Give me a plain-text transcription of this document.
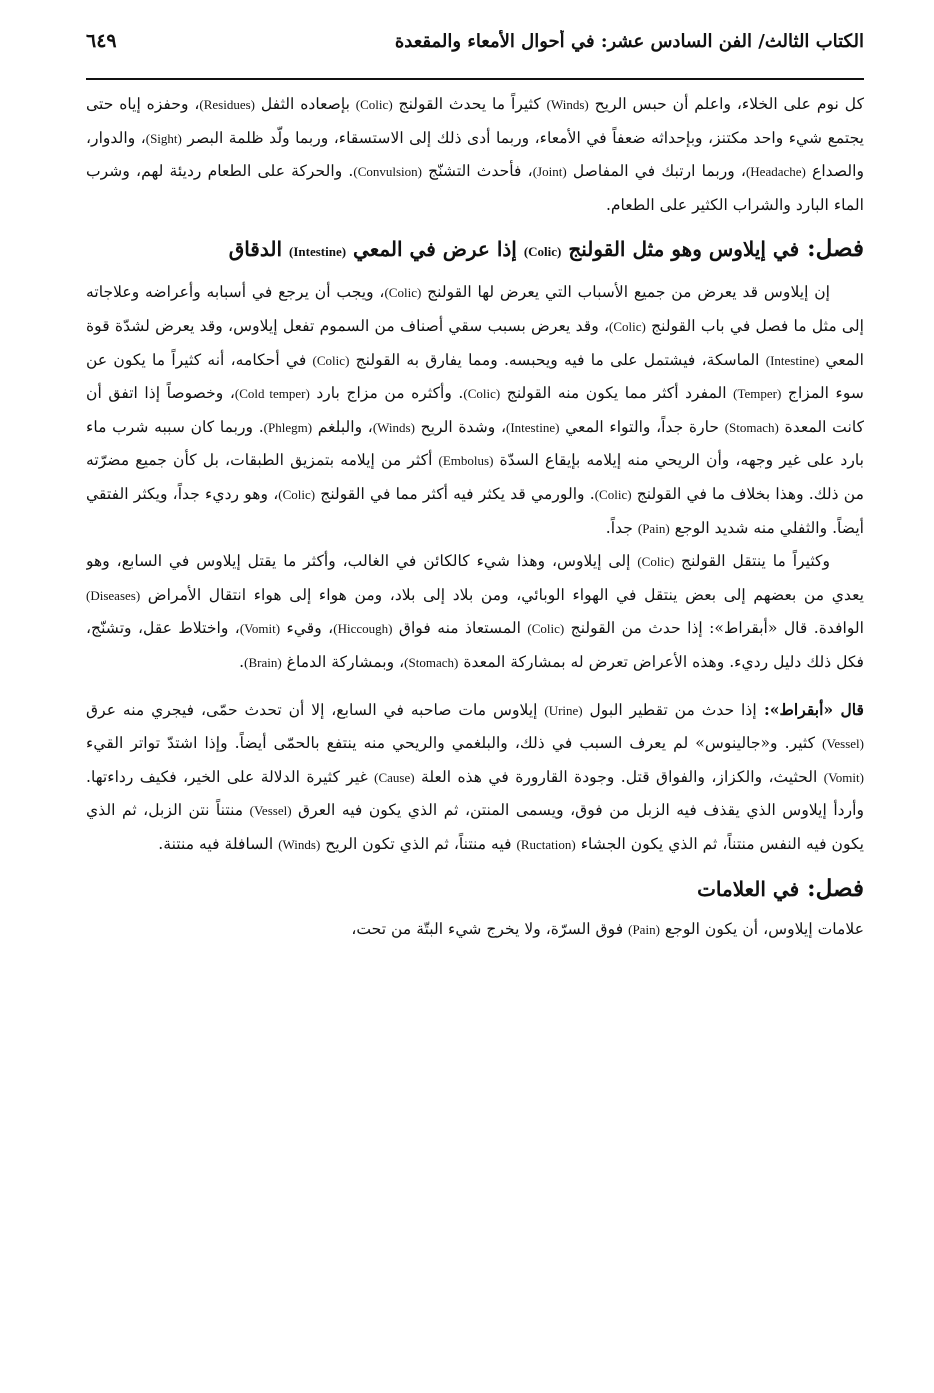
٦٤٩	الكتاب الثالث/ الفن السادس عشر: في أحوال الأمعاء والمقعدة

كل نوم على الخلاء، واعلم أن حبس الريح (Winds) كثيراً ما يحدث القولنج (Colic) بإصعاده الثفل (Residues)، وحفزه إياه حتى يجتمع شيء واحد مكتنز، وبإحداثه ضعفاً في الأمعاء، وربما أدى ذلك إلى الاستسقاء، وربما ولّد ظلمة البصر (Sight)، والدوار، والصداع (Headache)، وربما ارتبك في المفاصل (Joint)، فأحدث التشنّج (Convulsion). والحركة على الطعام رديئة لهم، وشرب الماء البارد والشراب الكثير على الطعام.

فصل: في إيلاوس وهو مثل القولنج (Colic) إذا عرض في المعي (Intestine) الدقاق

إن إيلاوس قد يعرض من جميع الأسباب التي يعرض لها القولنج (Colic)، ويجب أن يرجع في أسبابه وأعراضه وعلاجاته إلى مثل ما فصل في باب القولنج (Colic)، وقد يعرض بسبب سقي أصناف من السموم تفعل إيلاوس، وقد يعرض لشدّة قوة المعي (Intestine) الماسكة، فيشتمل على ما فيه ويحبسه. ومما يفارق به القولنج (Colic) في أحكامه، أنه كثيراً ما يكون عن سوء المزاج (Temper) المفرد أكثر مما يكون منه القولنج (Colic). وأكثره من مزاج بارد (Cold temper)، وخصوصاً إذا اتفق أن كانت المعدة (Stomach) حارة جداً، والتواء المعي (Intestine)، وشدة الريح (Winds)، والبلغم (Phlegm). وربما كان سببه شرب ماء بارد على غير وجهه، وأن الريحي منه إيلامه بإيقاع السدّة (Embolus) أكثر من إيلامه بتمزيق الطبقات، بل كأن جميع مضرّته من ذلك. وهذا بخلاف ما في القولنج (Colic). والورمي قد يكثر فيه أكثر مما في القولنج (Colic)، وهو رديء جداً، ويكثر الفتقي أيضاً. والثفلي منه شديد الوجع (Pain) جداً.

وكثيراً ما ينتقل القولنج (Colic) إلى إيلاوس، وهذا شيء كالكائن في الغالب، وأكثر ما يقتل إيلاوس في السابع، وهو يعدي من بعضهم إلى بعض ينتقل في الهواء الوبائي، ومن بلاد إلى بلاد، ومن هواء إلى هواء انتقال الأمراض (Diseases) الوافدة. قال «أبقراط»: إذا حدث من القولنج (Colic) المستعاذ منه فواق (Hiccough)، وقيء (Vomit)، واختلاط عقل، وتشنّج، فكل ذلك دليل رديء. وهذه الأعراض تعرض له بمشاركة المعدة (Stomach)، وبمشاركة الدماغ (Brain).

قال «أبقراط»: إذا حدث من تقطير البول (Urine) إيلاوس مات صاحبه في السابع، إلا أن تحدث حمّى، فيجري منه عرق (Vessel) كثير. و«جالينوس» لم يعرف السبب في ذلك، والبلغمي والريحي منه ينتفع بالحمّى أيضاً. وإذا اشتدّ تواتر القيء (Vomit) الحثيث، والكزاز، والفواق قتل. وجودة القارورة في هذه العلة (Cause) غير كثيرة الدلالة على الخير، فكيف رداءتها. وأردأ إيلاوس الذي يقذف فيه الزبل من فوق، ويسمى المنتن، ثم الذي يكون فيه العرق (Vessel) منتناً نتن الزبل، ثم الذي يكون فيه النفس منتناً، ثم الذي يكون الجشاء (Ructation) فيه منتناً، ثم الذي تكون الريح (Winds) السافلة فيه منتنة.

فصل: في العلامات

علامات إيلاوس، أن يكون الوجع (Pain) فوق السرّة، ولا يخرج شيء البتّة من تحت،
